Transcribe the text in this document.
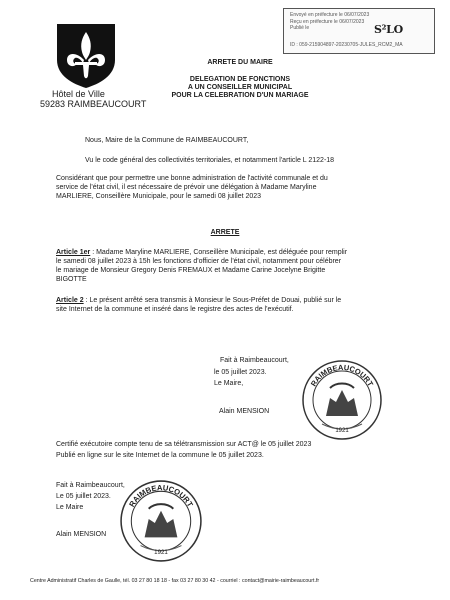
Envoyé en préfecture le 06/07/2023
Reçu en préfecture le 06/07/2023
Publié le
ID : 059-215904897-20230705-JULES_RCM2_MA
S²LO
Hôtel de Ville
59283 RAIMBEAUCOURT
ARRETE DU MAIRE
DELEGATION DE FONCTIONS
A UN CONSEILLER MUNICIPAL
POUR LA CELEBRATION D'UN MARIAGE
Nous, Maire de la Commune de RAIMBEAUCOURT,
Vu le code général des collectivités territoriales, et notamment l'article L 2122-18
Considérant que pour permettre une bonne administration de l'activité communale et du
service de l'état civil, il est nécessaire de prévoir une délégation à Madame Maryline
MARLIERE, Conseillère Municipale, pour le samedi 08 juillet 2023
ARRETE
Article 1er : Madame Maryline MARLIERE, Conseillère Municipale, est déléguée pour remplir
le samedi 08 juillet 2023 à 15h les fonctions d'officier de l'état civil, notamment pour célébrer
le mariage de Monsieur Gregory Denis FREMAUX et Madame Carine Jocelyne Brigitte
BIGOTTE
Article 2 : Le présent arrêté sera transmis à Monsieur le Sous-Préfet de Douai, publié sur le
site Internet de la commune et inséré dans le registre des actes de l'exécutif.
Fait à Raimbeaucourt,
le 05 juillet 2023.
Le Maire,
Alain MENSION
RAIMBEAUCOURT
1921
Certifié exécutoire compte tenu de sa télétransmission sur ACT@ le 05 juillet 2023
Publié en ligne sur le site Internet de la commune le 05 juillet 2023.
Fait à Raimbeaucourt,
Le 05 juillet 2023.
Le Maire
Alain MENSION
RAIMBEAUCOURT
1921
Centre Administratif Charles de Gaulle, tél. 03 27 80 18 18 - fax 03 27 80 30 42 - courriel : contact@mairie-raimbeaucourt.fr
